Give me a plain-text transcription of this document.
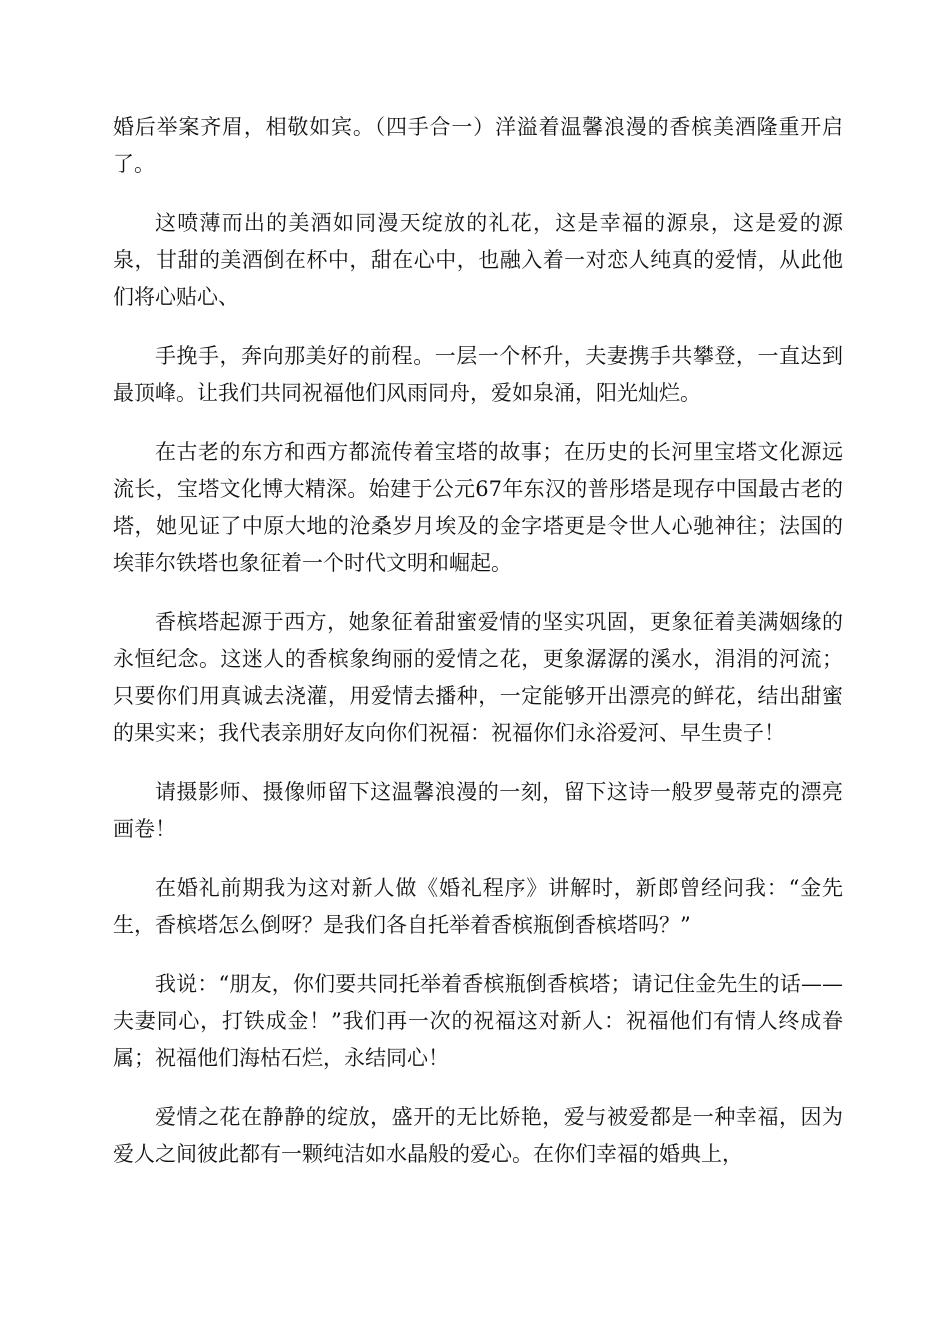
婚后举案齐眉，相敬如宾。（四手合一）洋溢着温馨浪漫的香槟美酒隆重开启了。

这喷薄而出的美酒如同漫天绽放的礼花，这是幸福的源泉，这是爱的源泉，甘甜的美酒倒在杯中，甜在心中，也融入着一对恋人纯真的爱情，从此他们将心贴心、

手挽手，奔向那美好的前程。一层一个杯升，夫妻携手共攀登，一直达到最顶峰。让我们共同祝福他们风雨同舟，爱如泉涌，阳光灿烂。

在古老的东方和西方都流传着宝塔的故事；在历史的长河里宝塔文化源远流长，宝塔文化博大精深。始建于公元67年东汉的普彤塔是现存中国最古老的塔，她见证了中原大地的沧桑岁月埃及的金字塔更是令世人心驰神往；法国的埃菲尔铁塔也象征着一个时代文明和崛起。

香槟塔起源于西方，她象征着甜蜜爱情的坚实巩固，更象征着美满姻缘的永恒纪念。这迷人的香槟象绚丽的爱情之花，更象潺潺的溪水，涓涓的河流；只要你们用真诚去浇灌，用爱情去播种，一定能够开出漂亮的鲜花，结出甜蜜的果实来；我代表亲朋好友向你们祝福：祝福你们永浴爱河、早生贵子！

请摄影师、摄像师留下这温馨浪漫的一刻，留下这诗一般罗曼蒂克的漂亮画卷！

在婚礼前期我为这对新人做《婚礼程序》讲解时，新郎曾经问我：“金先生，香槟塔怎么倒呀？是我们各自托举着香槟瓶倒香槟塔吗？”

我说：“朋友，你们要共同托举着香槟瓶倒香槟塔；请记住金先生的话——夫妻同心，打铁成金！”我们再一次的祝福这对新人：祝福他们有情人终成眷属；祝福他们海枯石烂，永结同心！

爱情之花在静静的绽放，盛开的无比娇艳，爱与被爱都是一种幸福，因为爱人之间彼此都有一颗纯洁如水晶般的爱心。在你们幸福的婚典上，
